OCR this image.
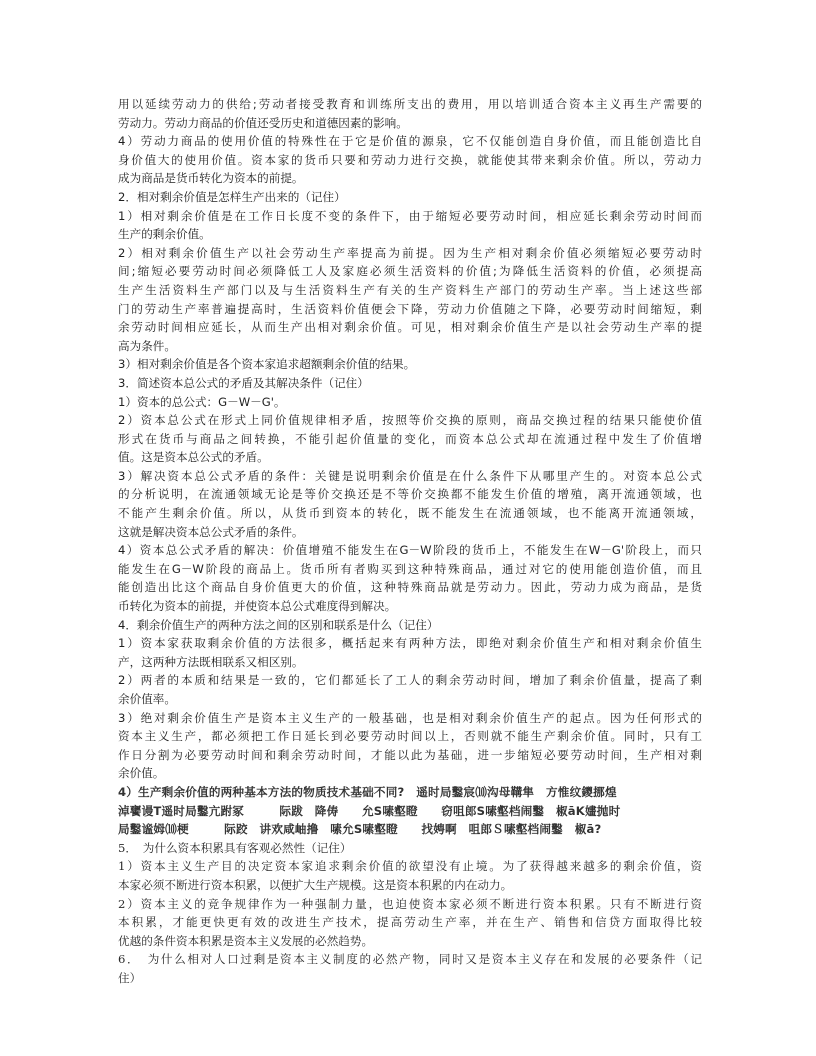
用以延续劳动力的供给;劳动者接受教育和训练所支出的费用，用以培训适合资本主义再生产需要的
劳动力。劳动力商品的价值还受历史和道德因素的影响。
4）劳动力商品的使用价值的特殊性在于它是价值的源泉，它不仅能创造自身价值，而且能创造比自
身价值大的使用价值。资本家的货币只要和劳动力进行交换，就能使其带来剩余价值。所以，劳动力
成为商品是货币转化为资本的前提。
2．相对剩余价值是怎样生产出来的（记住）
1）相对剩余价值是在工作日长度不变的条件下，由于缩短必要劳动时间，相应延长剩余劳动时间而
生产的剩余价值。
2）相对剩余价值生产以社会劳动生产率提高为前提。因为生产相对剩余价值必须缩短必要劳动时
间;缩短必要劳动时间必须降低工人及家庭必须生活资料的价值;为降低生活资料的价值，必须提高
生产生活资料生产部门以及与生活资料生产有关的生产资料生产部门的劳动生产率。当上述这些部
门的劳动生产率普遍提高时，生活资料价值便会下降，劳动力价值随之下降，必要劳动时间缩短，剩
余劳动时间相应延长，从而生产出相对剩余价值。可见，相对剩余价值生产是以社会劳动生产率的提
高为条件。
3）相对剩余价值是各个资本家追求超额剩余价值的结果。
3．简述资本总公式的矛盾及其解决条件（记住）
1）资本的总公式：G－W－G'。
2）资本总公式在形式上同价值规律相矛盾，按照等价交换的原则，商品交换过程的结果只能使价值
形式在货币与商品之间转换，不能引起价值量的变化，而资本总公式却在流通过程中发生了价值增
值。这是资本总公式的矛盾。
3）解决资本总公式矛盾的条件：关键是说明剩余价值是在什么条件下从哪里产生的。对资本总公式
的分析说明，在流通领域无论是等价交换还是不等价交换都不能发生价值的增殖，离开流通领域，也
不能产生剩余价值。所以，从货币到资本的转化，既不能发生在流通领域，也不能离开流通领域，
这就是解决资本总公式矛盾的条件。
4）资本总公式矛盾的解决：价值增殖不能发生在G－W阶段的货币上，不能发生在W－G'阶段上，而只
能发生在G－W阶段的商品上。货币所有者购买到这种特殊商品，通过对它的使用能创造价值，而且
能创造出比这个商品自身价值更大的价值，这种特殊商品就是劳动力。因此，劳动力成为商品，是货
币转化为资本的前提，并使资本总公式难度得到解决。
4．剩余价值生产的两种方法之间的区别和联系是什么（记住）
1）资本家获取剩余价值的方法很多，概括起来有两种方法，即绝对剩余价值生产和相对剩余价值生
产，这两种方法既相联系又相区别。
2）两者的本质和结果是一致的，它们都延长了工人的剩余劳动时间，增加了剩余价值量，提高了剩
余价值率。
3）绝对剩余价值生产是资本主义生产的一般基础，也是相对剩余价值生产的起点。因为任何形式的
资本主义生产，都必须把工作日延长到必要劳动时间以上，否则就不能生产剩余价值。同时，只有工
作日分割为必要劳动时间和剩余劳动时间，才能以此为基础，进一步缩短必要劳动时间，生产相对剩
余价值。
4）生产剩余价值的两种基本方法的物质技术基础不同?　遥时局鑿宸⑽沟母鞲隼　方惟纹鑁挪煌
淖饔谩T遥时局鑿亢跗冢　　　际跋　降俦　　允S嗉壑瞪　　窃咀郎S嗉壑档闹鑿　椒āK嫿抛时
局鑿谧姆⑽梗　　　际跤　讲欢咸岫撸　嗉允S嗉壑瞪　　找娉啊　咀郎Ｓ嗉壑档闹鑿　椒ā?
5．　为什么资本积累具有客观必然性（记住）
1）资本主义生产目的决定资本家追求剩余价值的欲望没有止境。为了获得越来越多的剩余价值，资
本家必须不断进行资本积累，以便扩大生产规模。这是资本积累的内在动力。
2）资本主义的竞争规律作为一种强制力量，也迫使资本家必须不断进行资本积累。只有不断进行资
本积累，才能更快更有效的改进生产技术，提高劳动生产率，并在生产、销售和信贷方面取得比较
优越的条件资本积累是资本主义发展的必然趋势。
6．　为什么相对人口过剩是资本主义制度的必然产物，同时又是资本主义存在和发展的必要条件（记
住）
